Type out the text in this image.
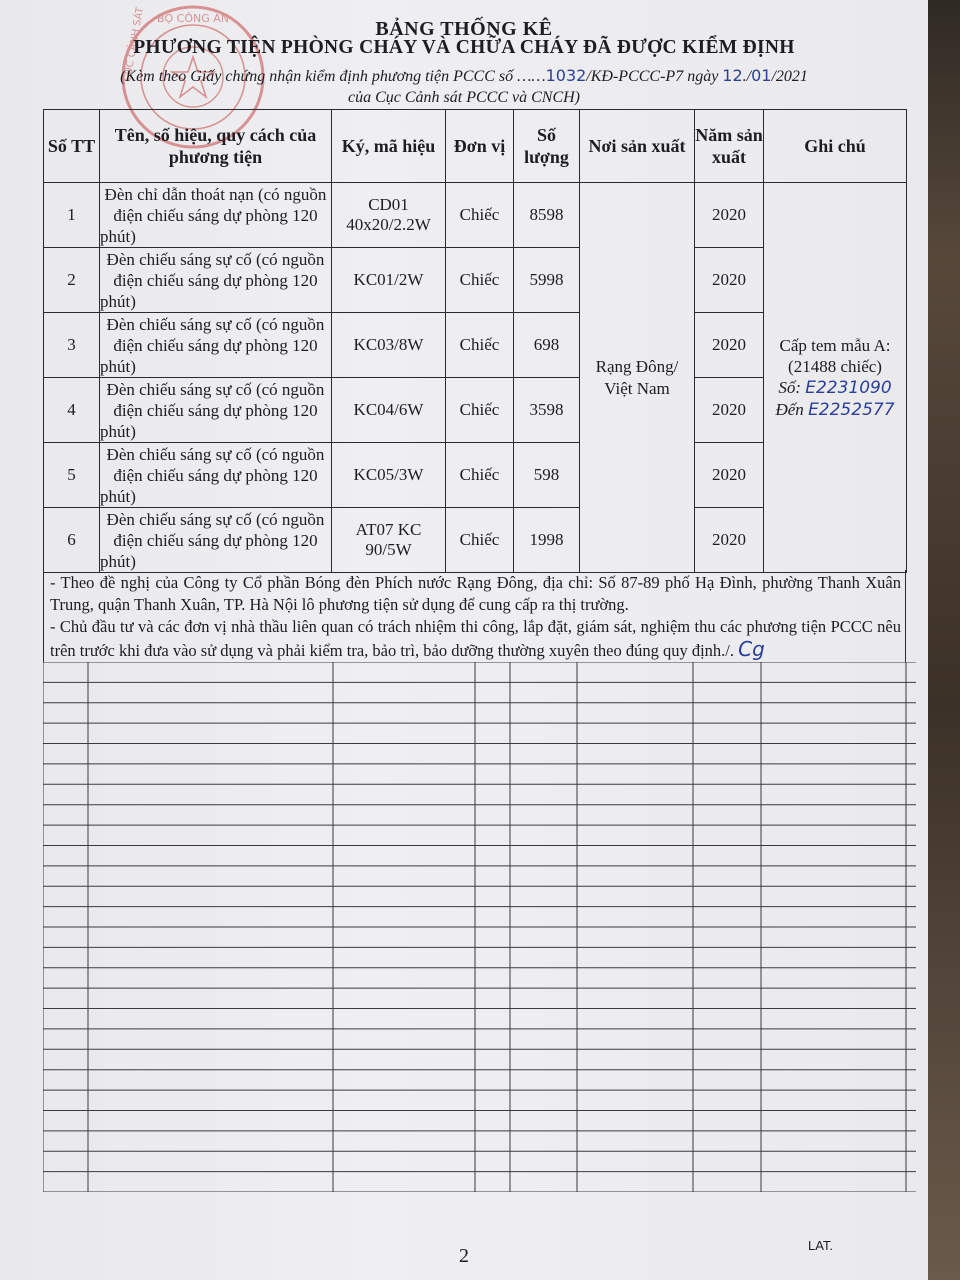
BỘ CÔNG AN
CỤC CẢNH SÁT	BẢNG THỐNG KÊ
PHƯƠNG TIỆN PHÒNG CHÁY VÀ CHỮA CHÁY ĐÃ ĐƯỢC KIỂM ĐỊNH
(Kèm theo Giấy chứng nhận kiểm định phương tiện PCCC số ……1032/KĐ-PCCC-P7 ngày 12./01/2021
của Cục Cảnh sát PCCC và CNCH)
Số TT	Tên, số hiệu, quy cách của phương tiện	Ký, mã hiệu	Đơn vị	Số lượng	Nơi sản xuất	Năm sản xuất	Ghi chú
1	Đèn chỉ dẫn thoát nạn (có nguồn điện chiếu sáng dự phòng 120 phút)	CD01 40x20/2.2W	Chiếc	8598	Rạng Đông/ Việt Nam	2020	Cấp tem mẫu A:
(21488 chiếc)
Số: E2231090
Đến E2252577

2	Đèn chiếu sáng sự cố (có nguồn điện chiếu sáng dự phòng 120 phút)	KC01/2W	Chiếc	5998		2020	
3	Đèn chiếu sáng sự cố (có nguồn điện chiếu sáng dự phòng 120 phút)	KC03/8W	Chiếc	698		2020	
4	Đèn chiếu sáng sự cố (có nguồn điện chiếu sáng dự phòng 120 phút)	KC04/6W	Chiếc	3598		2020	
5	Đèn chiếu sáng sự cố (có nguồn điện chiếu sáng dự phòng 120 phút)	KC05/3W	Chiếc	598		2020	
6	Đèn chiếu sáng sự cố (có nguồn điện chiếu sáng dự phòng 120 phút)	AT07 KC 90/5W	Chiếc	1998		2020	

- Theo đề nghị của Công ty Cổ phần Bóng đèn Phích nước Rạng Đông, địa chỉ: Số 87-89 phố Hạ Đình, phường Thanh Xuân Trung, quận Thanh Xuân, TP. Hà Nội lô phương tiện sử dụng để cung cấp ra thị trường.

- Chủ đầu tư và các đơn vị nhà thầu liên quan có trách nhiệm thi công, lắp đặt, giám sát, nghiệm thu các phương tiện PCCC nêu trên trước khi đưa vào sử dụng và phải kiểm tra, bảo trì, bảo dưỡng thường xuyên theo đúng quy định./. Cg

2	LAT.
